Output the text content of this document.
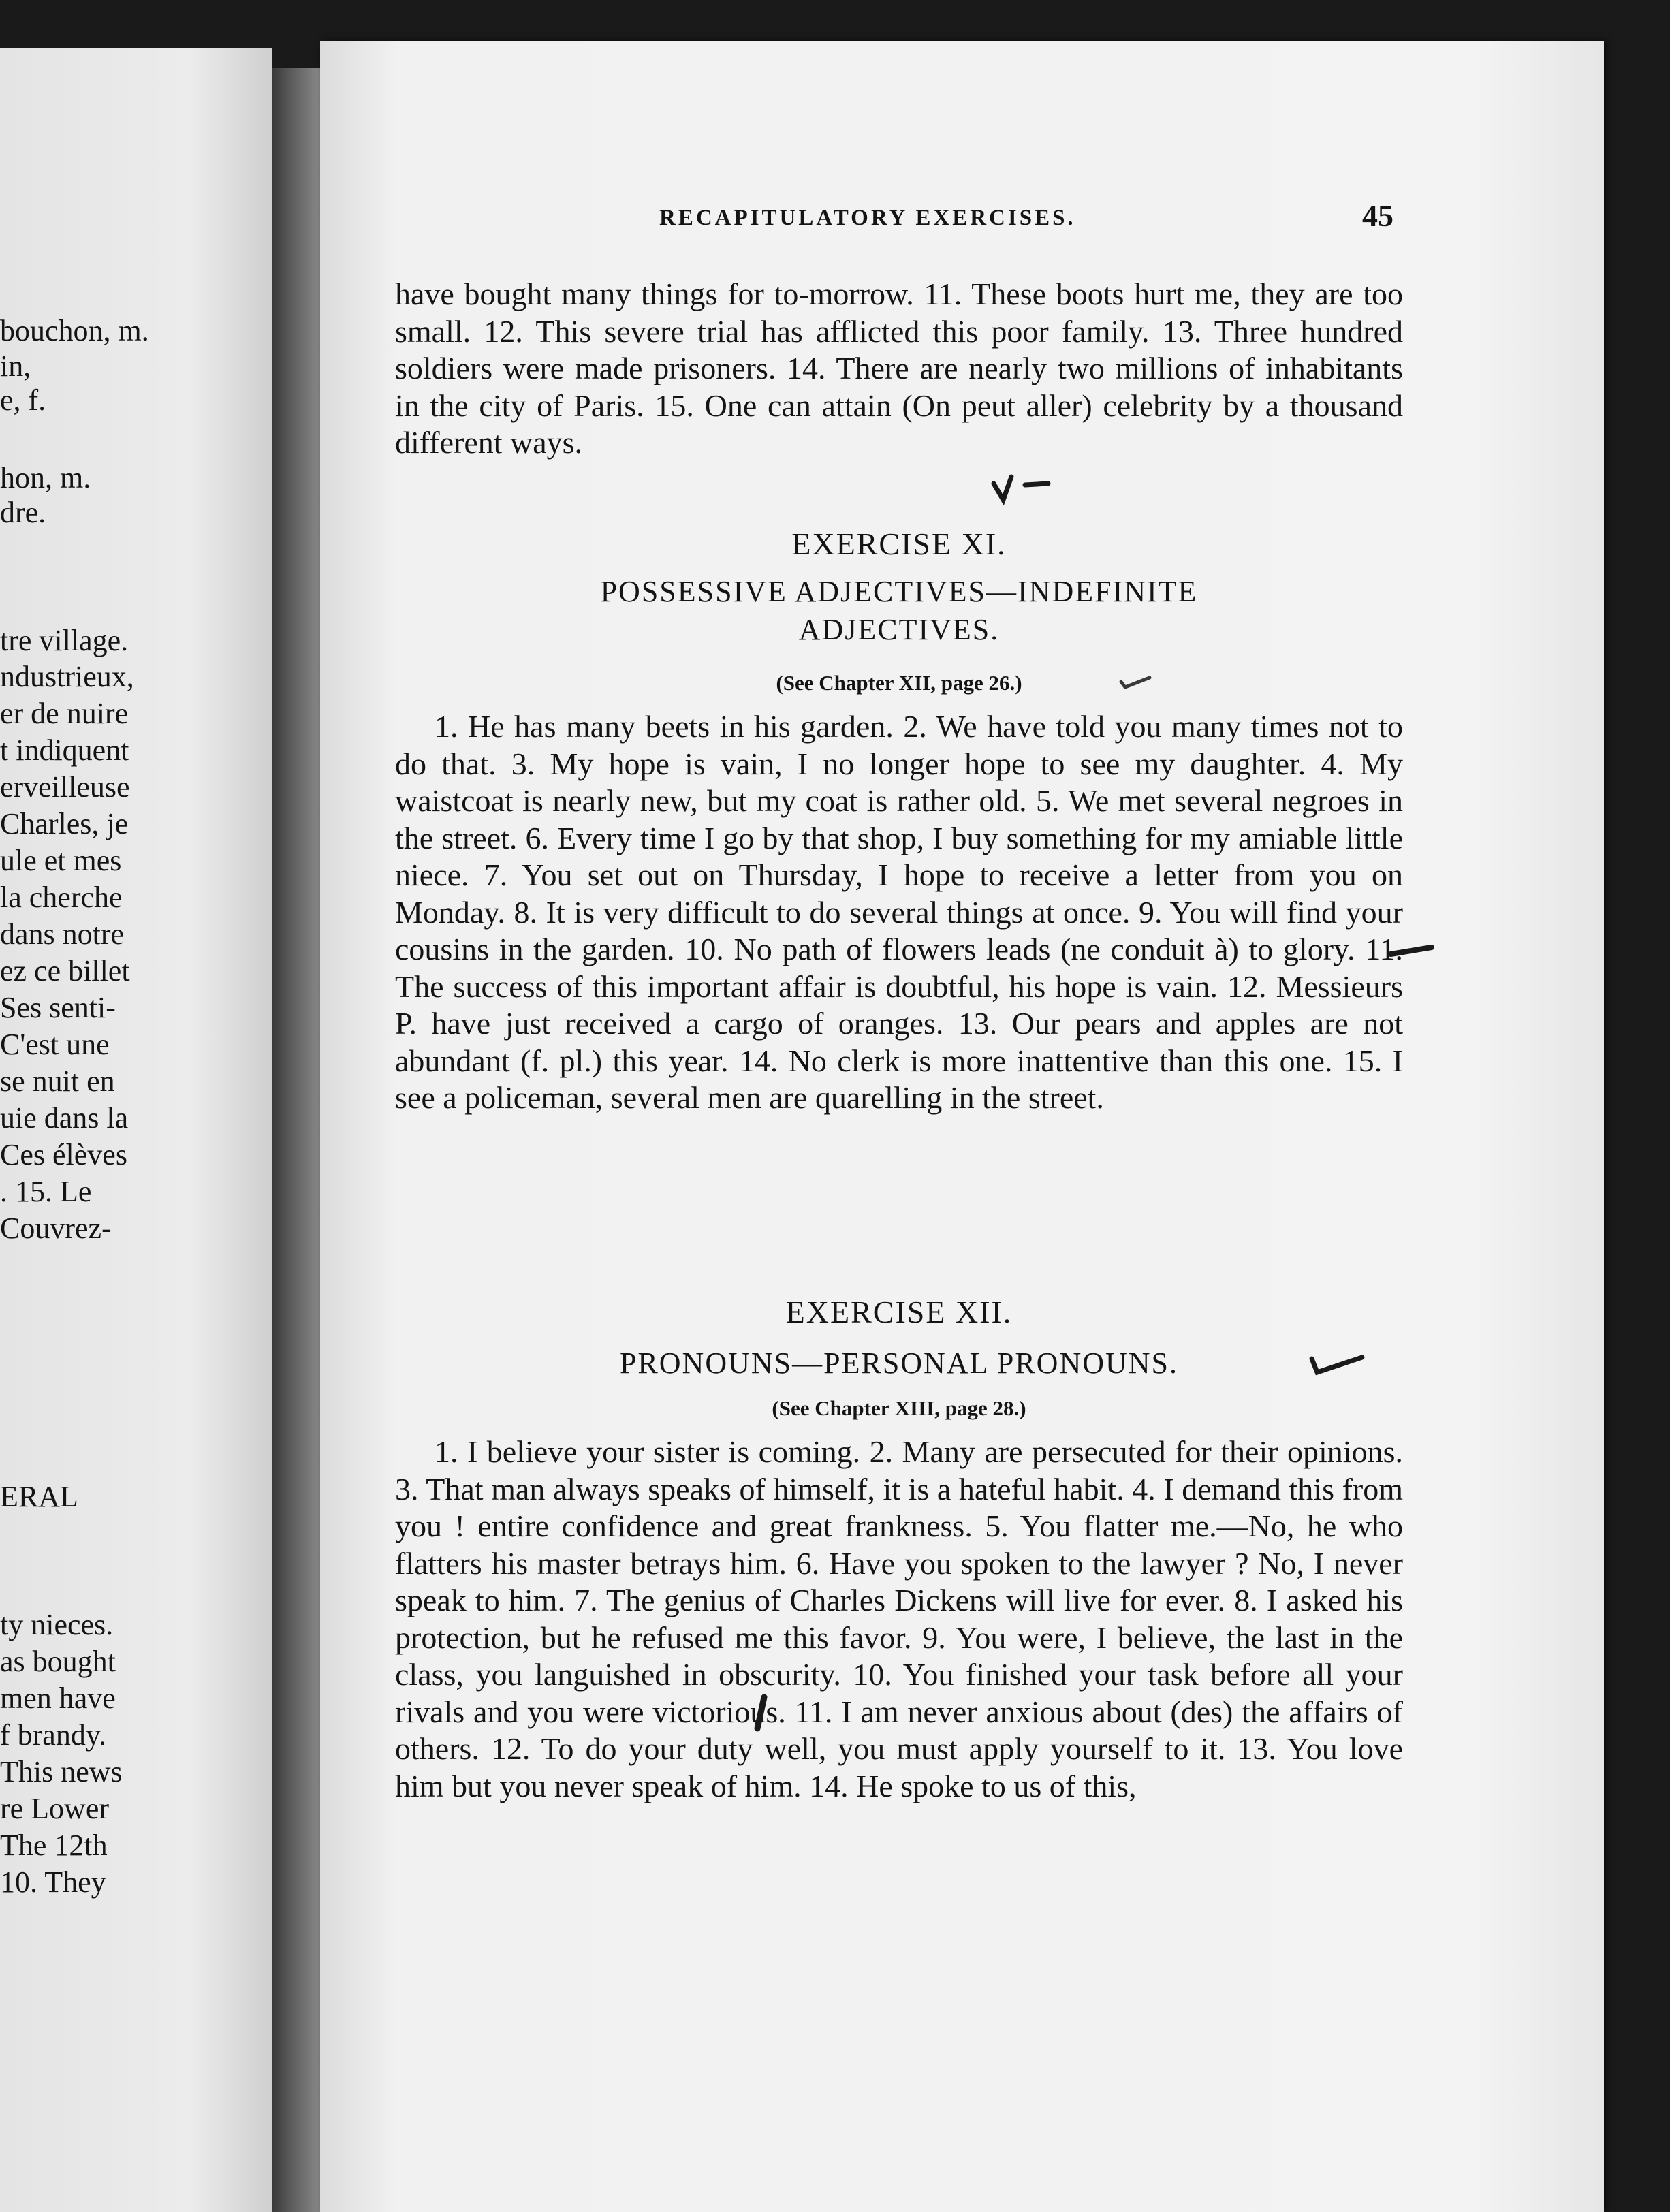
bouchon, m.
in,
e, f.
hon, m.
dre.
tre village.
ndustrieux,
er de nuire
t indiquent
erveilleuse
Charles, je
ule et mes
la cherche
dans notre
ez ce billet
Ses senti-
C'est une
se nuit en
uie dans la
Ces élèves
. 15. Le
Couvrez-
ERAL
ty nieces.
as bought
men have
f brandy.
This news
re Lower
The 12th
10. They
RECAPITULATORY EXERCISES.	45

have bought many things for to-morrow. 11. These boots hurt me, they are too small. 12. This severe trial has afflicted this poor family. 13. Three hundred soldiers were made prisoners. 14. There are nearly two millions of inhabitants in the city of Paris. 15. One can attain (On peut aller) celebrity by a thousand different ways.

EXERCISE XI.
POSSESSIVE ADJECTIVES—INDEFINITE
ADJECTIVES.
(See Chapter XII, page 26.)

1. He has many beets in his garden. 2. We have told you many times not to do that. 3. My hope is vain, I no longer hope to see my daughter. 4. My waistcoat is nearly new, but my coat is rather old. 5. We met several negroes in the street. 6. Every time I go by that shop, I buy something for my amiable little niece. 7. You set out on Thursday, I hope to receive a letter from you on Monday. 8. It is very difficult to do several things at once. 9. You will find your cousins in the garden. 10. No path of flowers leads (ne conduit à) to glory. 11. The success of this important affair is doubtful, his hope is vain. 12. Messieurs P. have just received a cargo of oranges. 13. Our pears and apples are not abundant (f. pl.) this year. 14. No clerk is more inattentive than this one. 15. I see a policeman, several men are quarelling in the street.

EXERCISE XII.
PRONOUNS—PERSONAL PRONOUNS.
(See Chapter XIII, page 28.)

1. I believe your sister is coming. 2. Many are persecuted for their opinions. 3. That man always speaks of himself, it is a hateful habit. 4. I demand this from you ! entire confidence and great frankness. 5. You flatter me.—No, he who flatters his master betrays him. 6. Have you spoken to the lawyer ? No, I never speak to him. 7. The genius of Charles Dickens will live for ever. 8. I asked his protection, but he refused me this favor. 9. You were, I believe, the last in the class, you languished in obscurity. 10. You finished your task before all your rivals and you were victorious. 11. I am never anxious about (des) the affairs of others. 12. To do your duty well, you must apply yourself to it. 13. You love him but you never speak of him. 14. He spoke to us of this,
